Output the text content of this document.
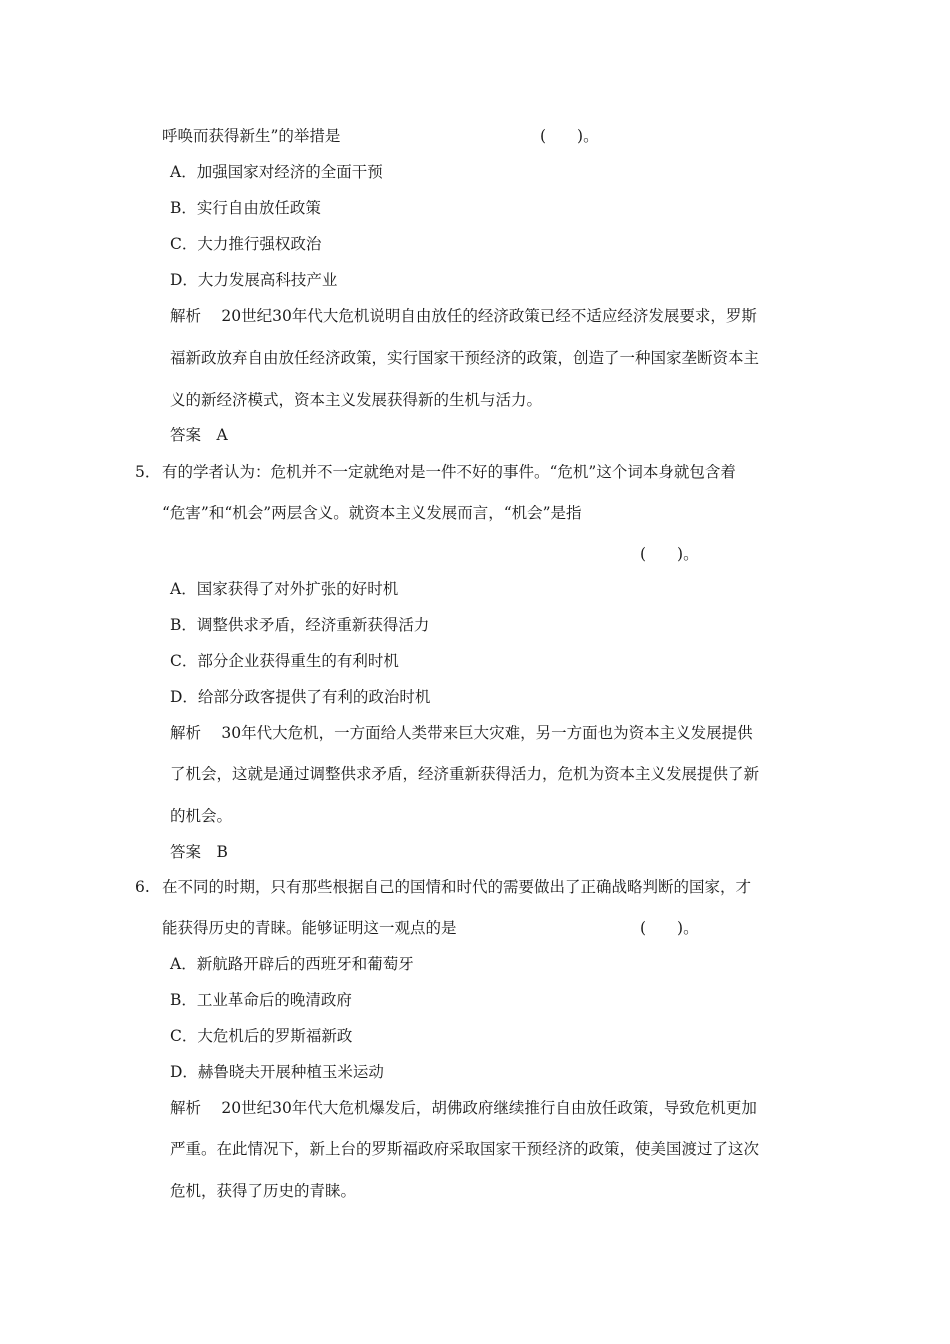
呼唤而获得新生”的举措是	(　　)。
A．加强国家对经济的全面干预
B．实行自由放任政策
C．大力推行强权政治
D．大力发展高科技产业
解析　 20世纪30年代大危机说明自由放任的经济政策已经不适应经济发展要求，罗斯
福新政放弃自由放任经济政策，实行国家干预经济的政策，创造了一种国家垄断资本主
义的新经济模式，资本主义发展获得新的生机与活力。
答案　A
5． 有的学者认为：危机并不一定就绝对是一件不好的事件。“危机”这个词本身就包含着
“危害”和“机会”两层含义。就资本主义发展而言，“机会”是指
(　　)。
A．国家获得了对外扩张的好时机
B．调整供求矛盾，经济重新获得活力
C．部分企业获得重生的有利时机
D．给部分政客提供了有利的政治时机
解析　 30年代大危机，一方面给人类带来巨大灾难，另一方面也为资本主义发展提供
了机会，这就是通过调整供求矛盾，经济重新获得活力，危机为资本主义发展提供了新
的机会。
答案　B
6. 在不同的时期，只有那些根据自己的国情和时代的需要做出了正确战略判断的国家，才
能获得历史的青睐。能够证明这一观点的是	(　　)。
A．新航路开辟后的西班牙和葡萄牙
B．工业革命后的晚清政府
C．大危机后的罗斯福新政
D．赫鲁晓夫开展种植玉米运动
解析　 20世纪30年代大危机爆发后，胡佛政府继续推行自由放任政策，导致危机更加
严重。在此情况下，新上台的罗斯福政府采取国家干预经济的政策，使美国渡过了这次
危机，获得了历史的青睐。
